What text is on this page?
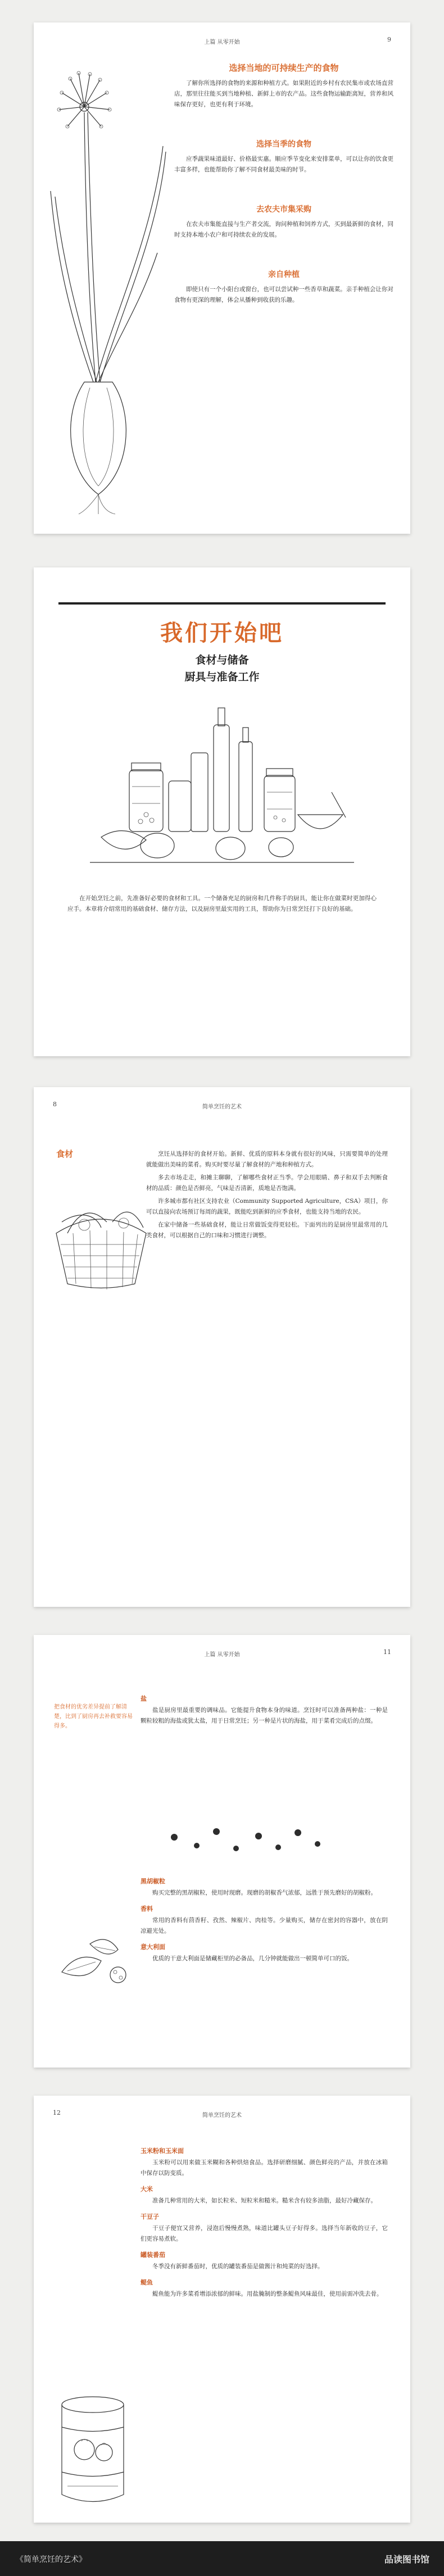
上篇 从零开始	9
选择当地的可持续生产的食物

了解你所选择的食物的来源和种植方式。如果附近的乡村有农民集市或农场直营店，那里往往能买到当地种植、新鲜上市的农产品。这些食物运输距离短，营养和风味保存更好，也更有利于环境。

选择当季的食物

应季蔬果味道最好、价格最实惠。顺应季节变化来安排菜单，可以让你的饮食更丰富多样，也能帮助你了解不同食材最美味的时节。

去农夫市集采购

在农夫市集能直接与生产者交流，询问种植和饲养方式，买到最新鲜的食材，同时支持本地小农户和可持续农业的发展。

亲自种植

即使只有一个小阳台或窗台，也可以尝试种一些香草和蔬菜。亲手种植会让你对食物有更深的理解，体会从播种到收获的乐趣。

我们开始吧
食材与储备
厨具与准备工作

在开始烹饪之前，先准备好必要的食材和工具。一个储备充足的厨房和几件称手的厨具，能让你在做菜时更加得心应手。本章将介绍常用的基础食材、储存方法，以及厨房里最实用的工具，帮助你为日常烹饪打下良好的基础。

8	简单烹饪的艺术
食材	烹饪从选择好的食材开始。新鲜、优质的原料本身就有很好的风味，只需要简单的处理就能做出美味的菜肴。购买时要尽量了解食材的产地和种植方式。

多去市场走走，和摊主聊聊，了解哪些食材正当季。学会用眼睛、鼻子和双手去判断食材的品质：颜色是否鲜亮，气味是否清新，质地是否饱满。

许多城市都有社区支持农业（Community Supported Agriculture，CSA）项目，你可以直接向农场预订每周的蔬果，既能吃到新鲜的应季食材，也能支持当地的农民。

在家中储备一些基础食材，能让日常做饭变得更轻松。下面列出的是厨房里最常用的几类食材，可以根据自己的口味和习惯进行调整。

上篇 从零开始	11
把食材的优劣差异提前了解清楚，比到了厨房再去补救要容易得多。
盐

盐是厨房里最重要的调味品。它能提升食物本身的味道。烹饪时可以准备两种盐：一种是颗粒较粗的海盐或犹太盐，用于日常烹饪；另一种是片状的海盐，用于菜肴完成后的点缀。

黑胡椒粒

购买完整的黑胡椒粒，使用时现磨。现磨的胡椒香气浓郁，远胜于预先磨好的胡椒粉。

香料

常用的香料有茴香籽、孜然、辣椒片、肉桂等。少量购买，储存在密封的容器中，放在阴凉避光处。

意大利面

优质的干意大利面是储藏柜里的必备品，几分钟就能做出一顿简单可口的饭。

12	简单烹饪的艺术
玉米粉和玉米面

玉米粉可以用来做玉米糊和各种烘焙食品。选择研磨细腻、颜色鲜亮的产品，并放在冰箱中保存以防变质。

大米

准备几种常用的大米，如长粒米、短粒米和糙米。糙米含有较多油脂，最好冷藏保存。

干豆子

干豆子便宜又营养，浸泡后慢慢煮熟，味道比罐头豆子好得多。选择当年新收的豆子，它们更容易煮软。

罐装番茄

冬季没有新鲜番茄时，优质的罐装番茄是做酱汁和炖菜的好选择。

鳀鱼

鳀鱼能为许多菜肴增添浓郁的鲜味。用盐腌制的整条鳀鱼风味最佳，使用前需冲洗去骨。

《简单烹饪的艺术》	品读图书馆
